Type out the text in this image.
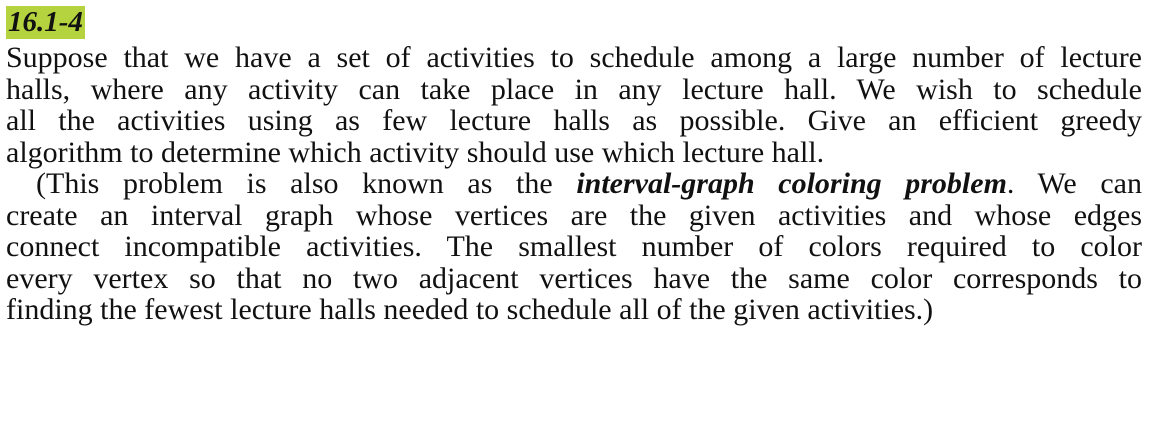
16.1-4
Suppose that we have a set of activities to schedule among a large number of lecture
halls, where any activity can take place in any lecture hall. We wish to schedule
all the activities using as few lecture halls as possible. Give an efficient greedy
algorithm to determine which activity should use which lecture hall.
(This problem is also known as the interval-graph coloring problem. We can
create an interval graph whose vertices are the given activities and whose edges
connect incompatible activities. The smallest number of colors required to color
every vertex so that no two adjacent vertices have the same color corresponds to
finding the fewest lecture halls needed to schedule all of the given activities.)
